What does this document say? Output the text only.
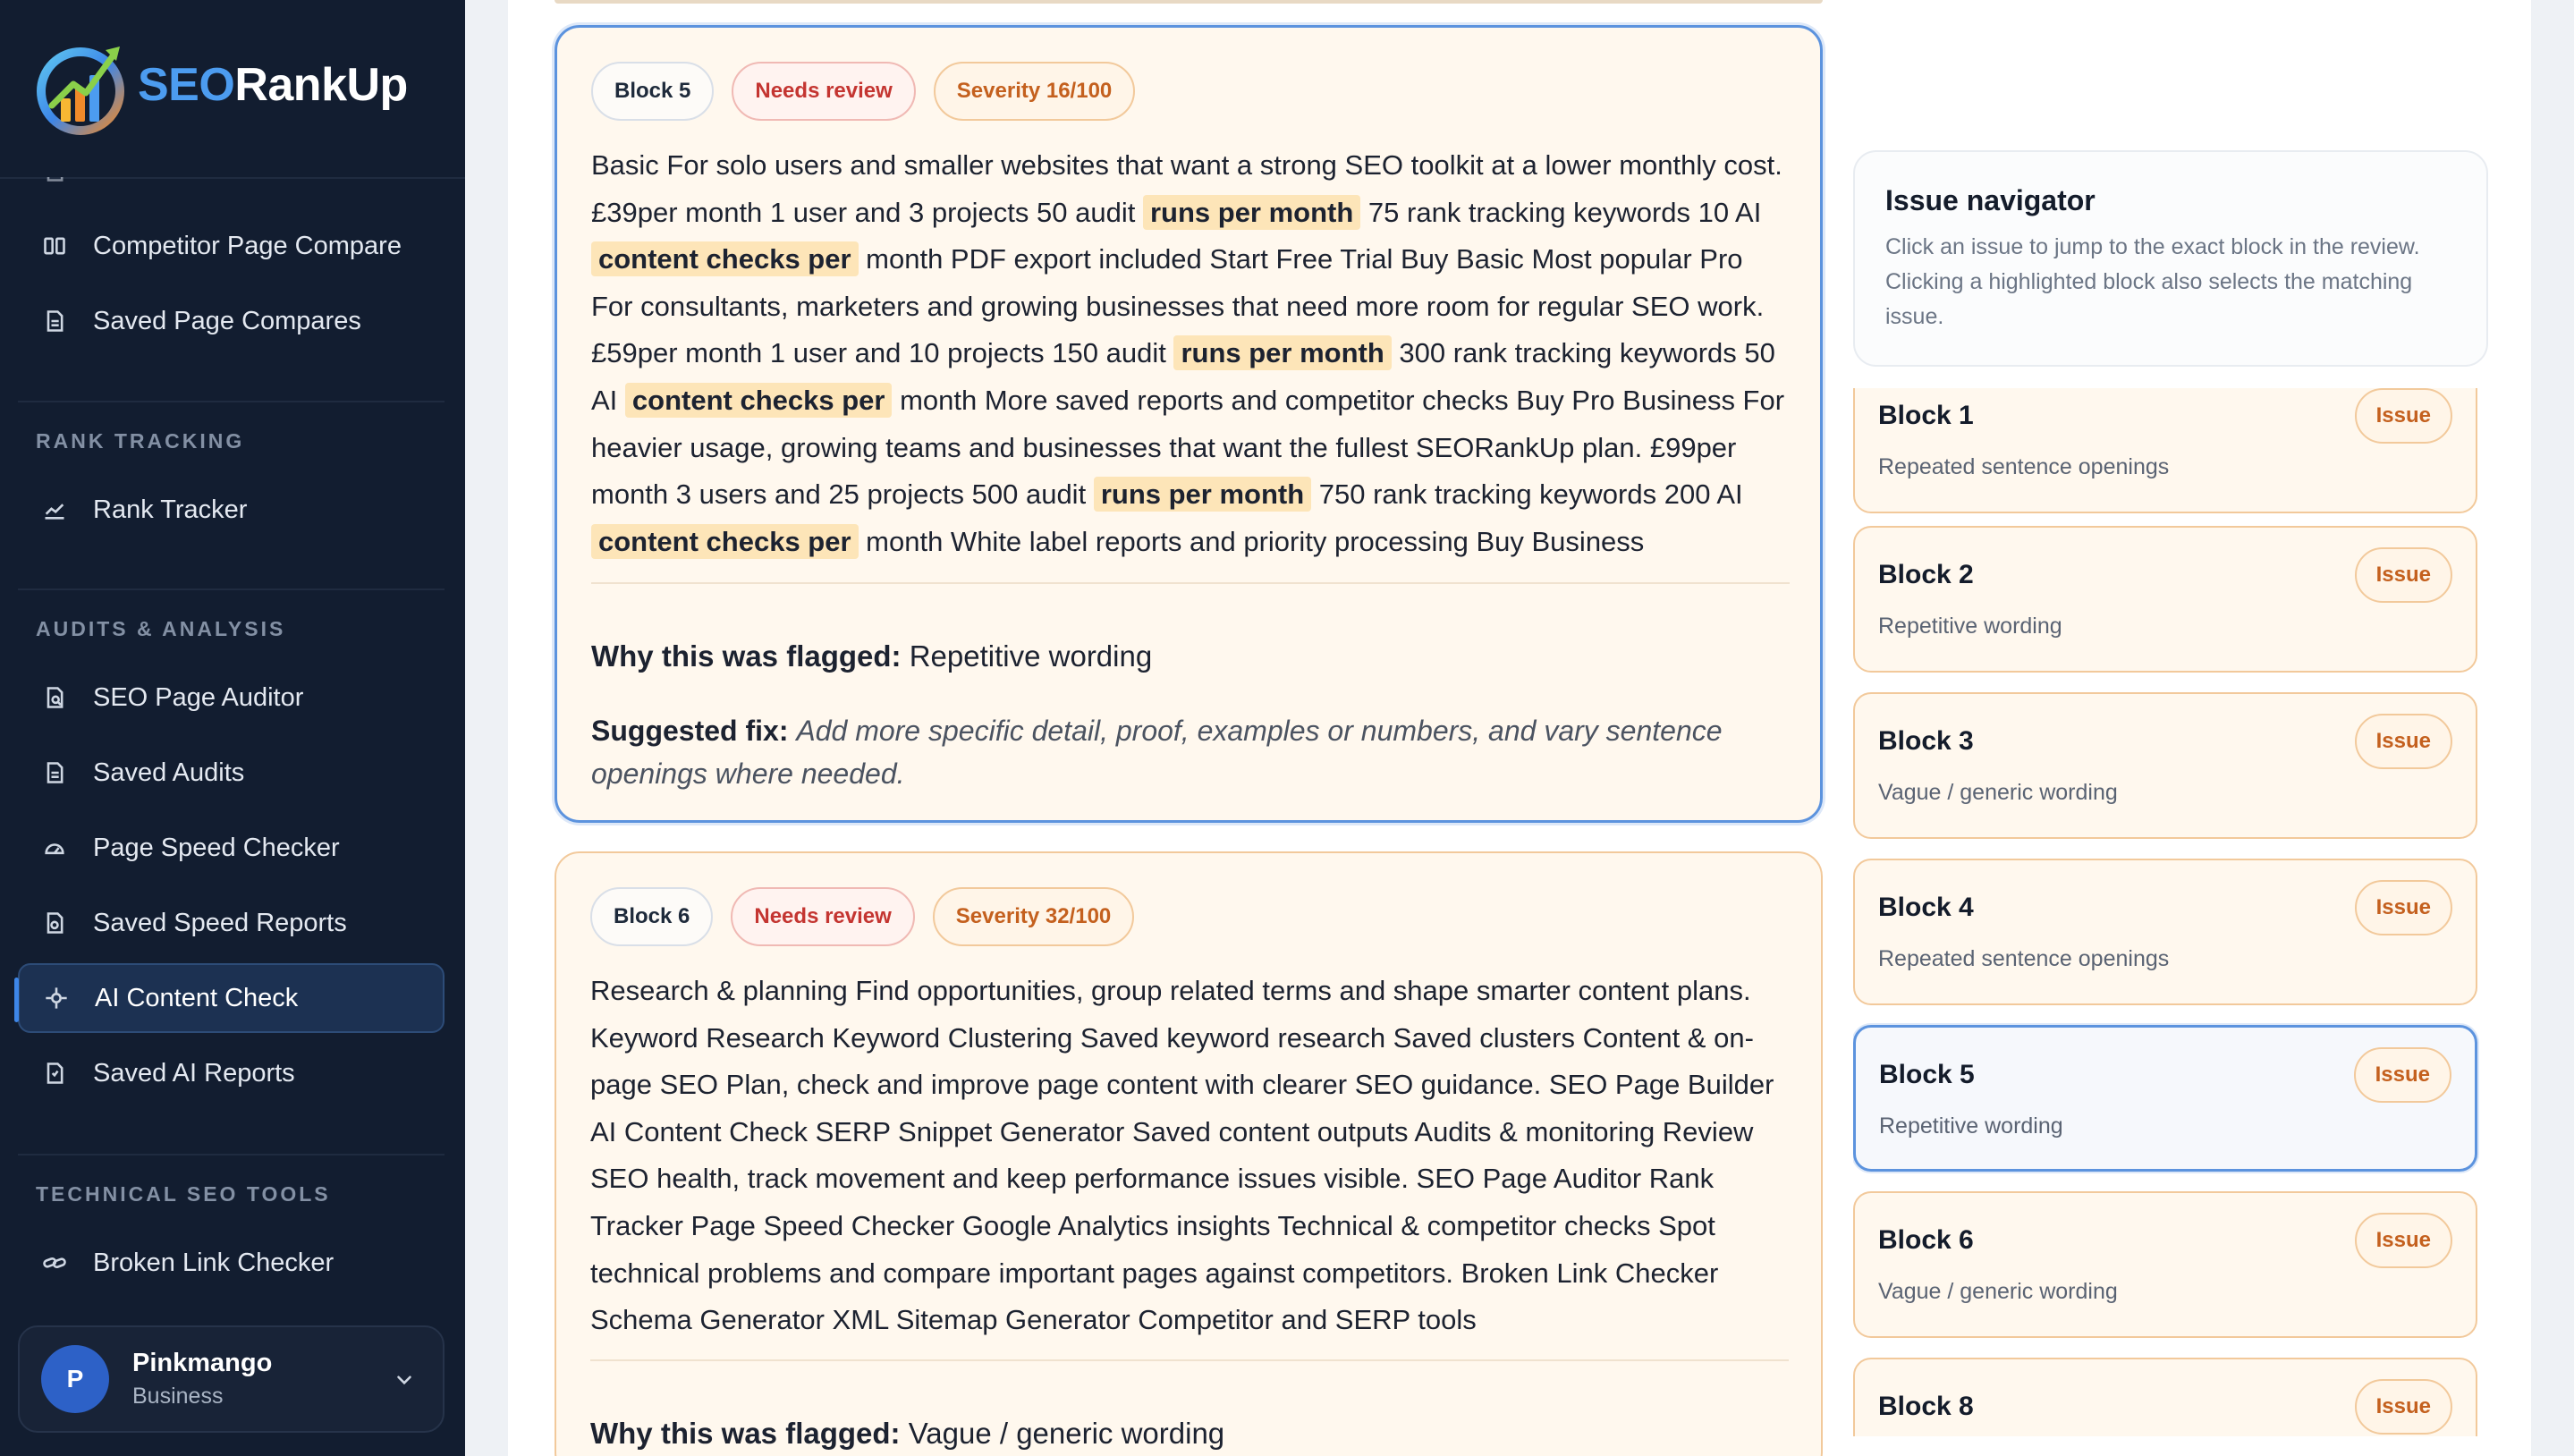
SEORankUp
Competitor Page Compare
Saved Page Compares
RANK TRACKING
Rank Tracker
AUDITS & ANALYSIS
SEO Page Auditor
Saved Audits
Page Speed Checker
Saved Speed Reports
AI Content Check
Saved AI Reports
TECHNICAL SEO TOOLS
Broken Link Checker
P
Pinkmango
Business
Block 5	Needs review	Severity 16/100
Basic For solo users and smaller websites that want a strong SEO toolkit at a lower monthly cost. £39per month 1 user and 3 projects 50 audit runs per month 75 rank tracking keywords 10 AI content checks per month PDF export included Start Free Trial Buy Basic Most popular Pro For consultants, marketers and growing businesses that need more room for regular SEO work. £59per month 1 user and 10 projects 150 audit runs per month 300 rank tracking keywords 50 AI content checks per month More saved reports and competitor checks Buy Pro Business For heavier usage, growing teams and businesses that want the fullest SEORankUp plan. £99per month 3 users and 25 projects 500 audit runs per month 750 rank tracking keywords 200 AI content checks per month White label reports and priority processing Buy Business
Why this was flagged: Repetitive wording
Suggested fix: Add more specific detail, proof, examples or numbers, and vary sentence openings where needed.
Block 6	Needs review	Severity 32/100
Research & planning Find opportunities, group related terms and shape smarter content plans. Keyword Research Keyword Clustering Saved keyword research Saved clusters Content & on-page SEO Plan, check and improve page content with clearer SEO guidance. SEO Page Builder AI Content Check SERP Snippet Generator Saved content outputs Audits & monitoring Review SEO health, track movement and keep performance issues visible. SEO Page Auditor Rank Tracker Page Speed Checker Google Analytics insights Technical & competitor checks Spot technical problems and compare important pages against competitors. Broken Link Checker Schema Generator XML Sitemap Generator Competitor and SERP tools
Why this was flagged: Vague / generic wording
Issue navigator
Click an issue to jump to the exact block in the review. Clicking a highlighted block also selects the matching issue.
Block 1	Issue
Repeated sentence openings
Block 2	Issue
Repetitive wording
Block 3	Issue
Vague / generic wording
Block 4	Issue
Repeated sentence openings
Block 5	Issue
Repetitive wording
Block 6	Issue
Vague / generic wording
Block 8	Issue
